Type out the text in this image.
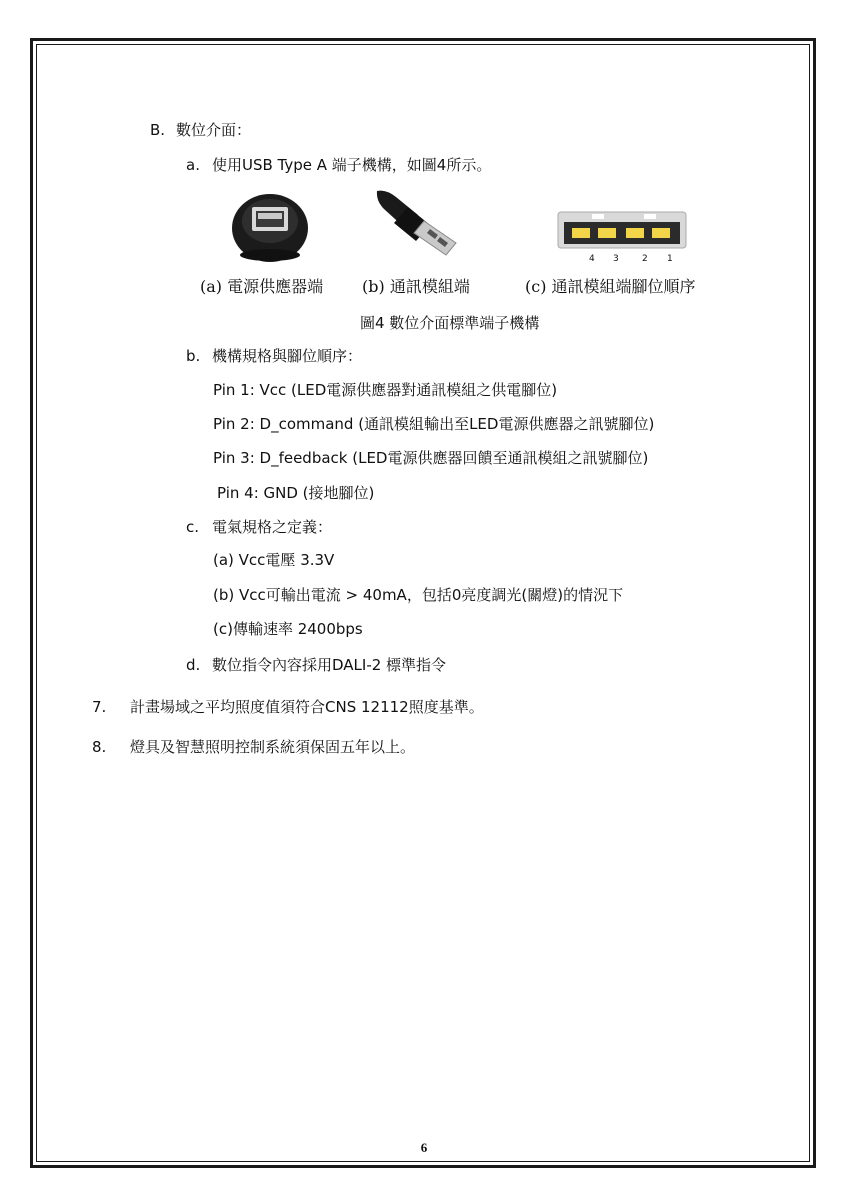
B. 數位介面：
a. 使用USB Type A 端子機構，如圖4所示。
4 3	2 1
(a) 電源供應器端 (b) 通訊模組端	(c) 通訊模組端腳位順序
圖4 數位介面標準端子機構
b. 機構規格與腳位順序：
Pin 1: Vcc (LED電源供應器對通訊模組之供電腳位)
Pin 2: D_command (通訊模組輸出至LED電源供應器之訊號腳位)
Pin 3: D_feedback (LED電源供應器回饋至通訊模組之訊號腳位)
Pin 4: GND (接地腳位)
c. 電氣規格之定義：
(a) Vcc電壓 3.3V
(b) Vcc可輸出電流 > 40mA，包括0亮度調光(關燈)的情況下
(c)傳輸速率 2400bps
d. 數位指令內容採用DALI-2 標準指令
7. 計畫場域之平均照度值須符合CNS 12112照度基準。
8. 燈具及智慧照明控制系統須保固五年以上。
6
